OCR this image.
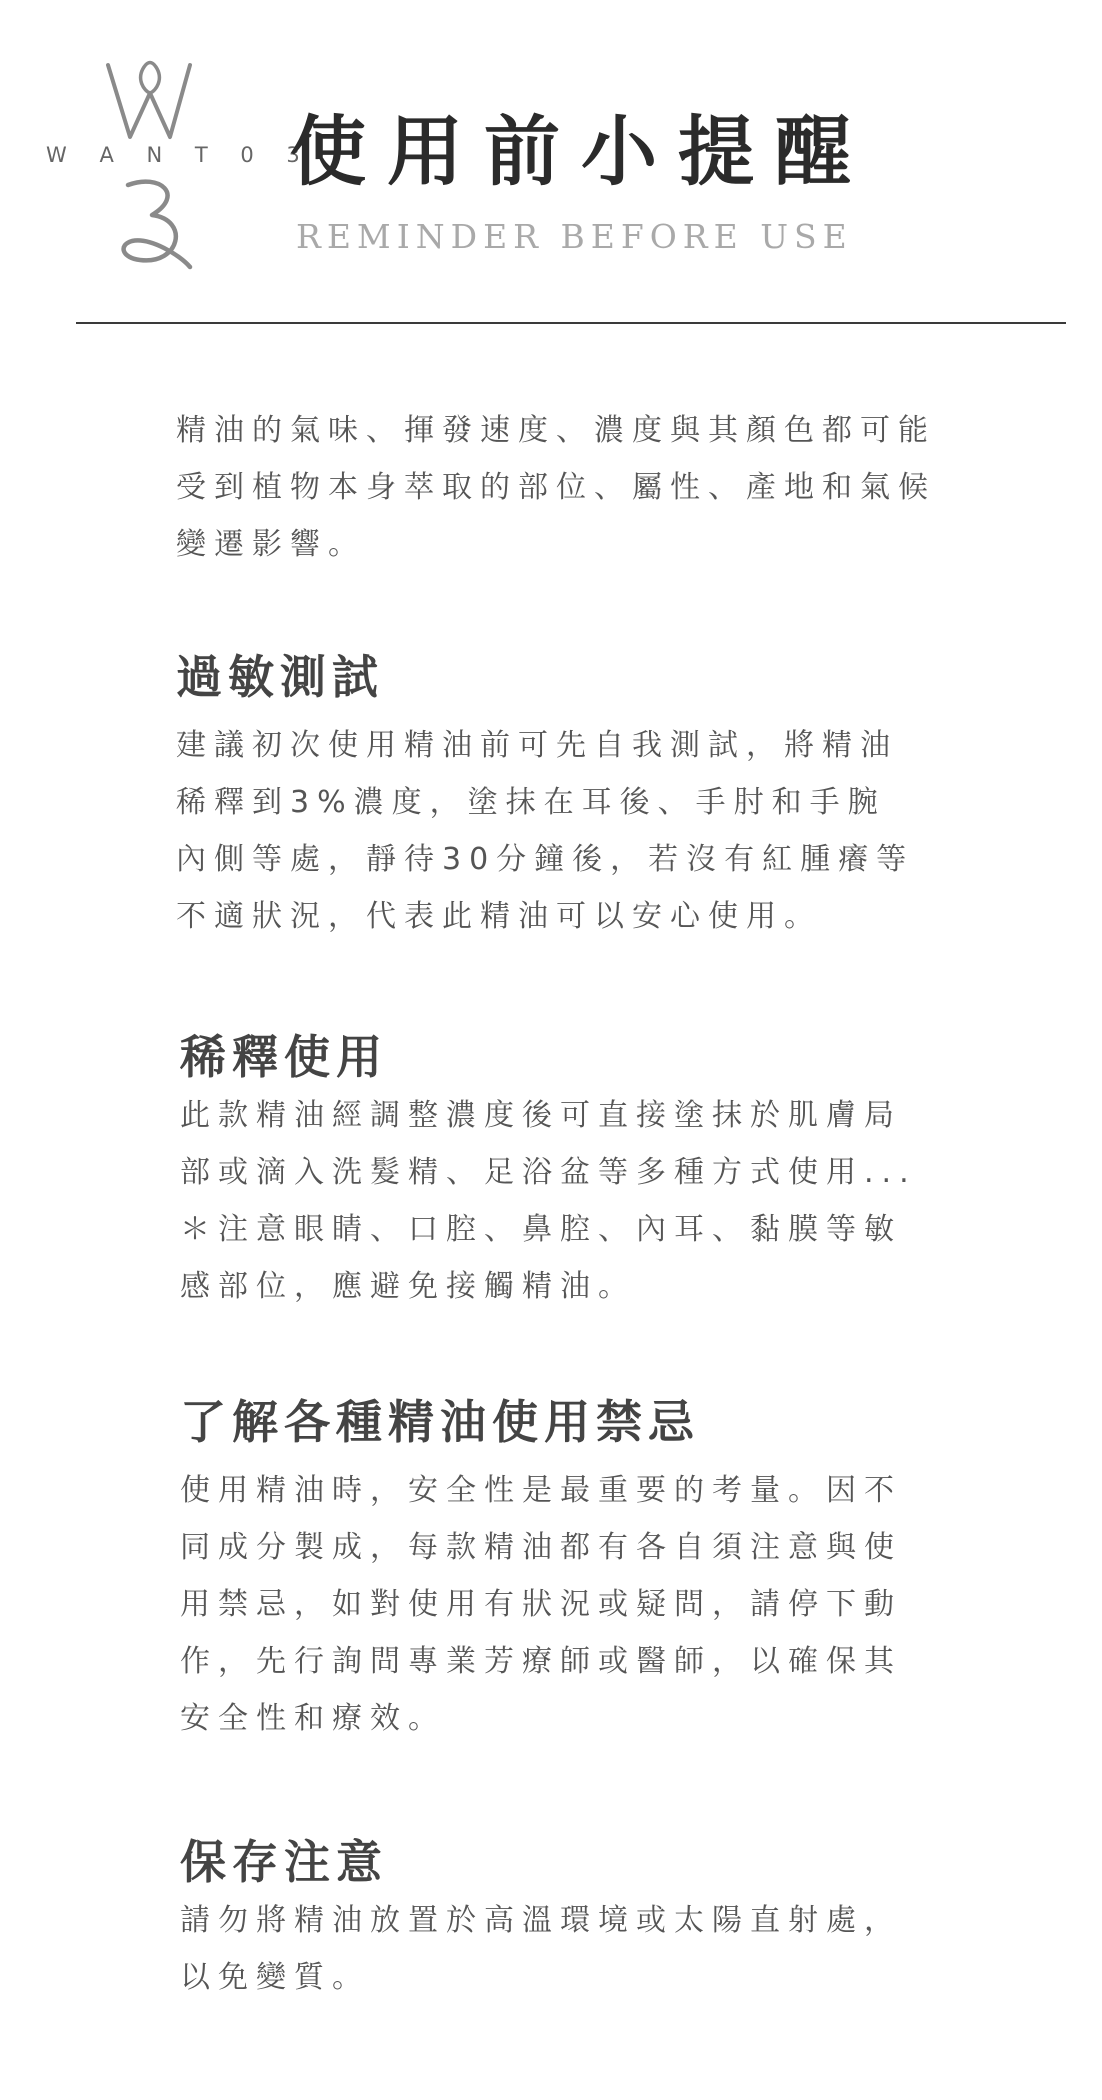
W A N T 0 3
使用前小提醒
REMINDER BEFORE USE
精油的氣味、揮發速度、濃度與其顏色都可能
受到植物本身萃取的部位、屬性、產地和氣候
變遷影響。
過敏測試

建議初次使用精油前可先自我測試，將精油
稀釋到3%濃度，塗抹在耳後、手肘和手腕
內側等處，靜待30分鐘後，若沒有紅腫癢等
不適狀況，代表此精油可以安心使用。

稀釋使用

此款精油經調整濃度後可直接塗抹於肌膚局
部或滴入洗髮精、足浴盆等多種方式使用...
＊注意眼睛、口腔、鼻腔、內耳、黏膜等敏
感部位，應避免接觸精油。

了解各種精油使用禁忌

使用精油時，安全性是最重要的考量。因不
同成分製成，每款精油都有各自須注意與使
用禁忌，如對使用有狀況或疑問，請停下動
作，先行詢問專業芳療師或醫師，以確保其
安全性和療效。

保存注意

請勿將精油放置於高溫環境或太陽直射處，
以免變質。
